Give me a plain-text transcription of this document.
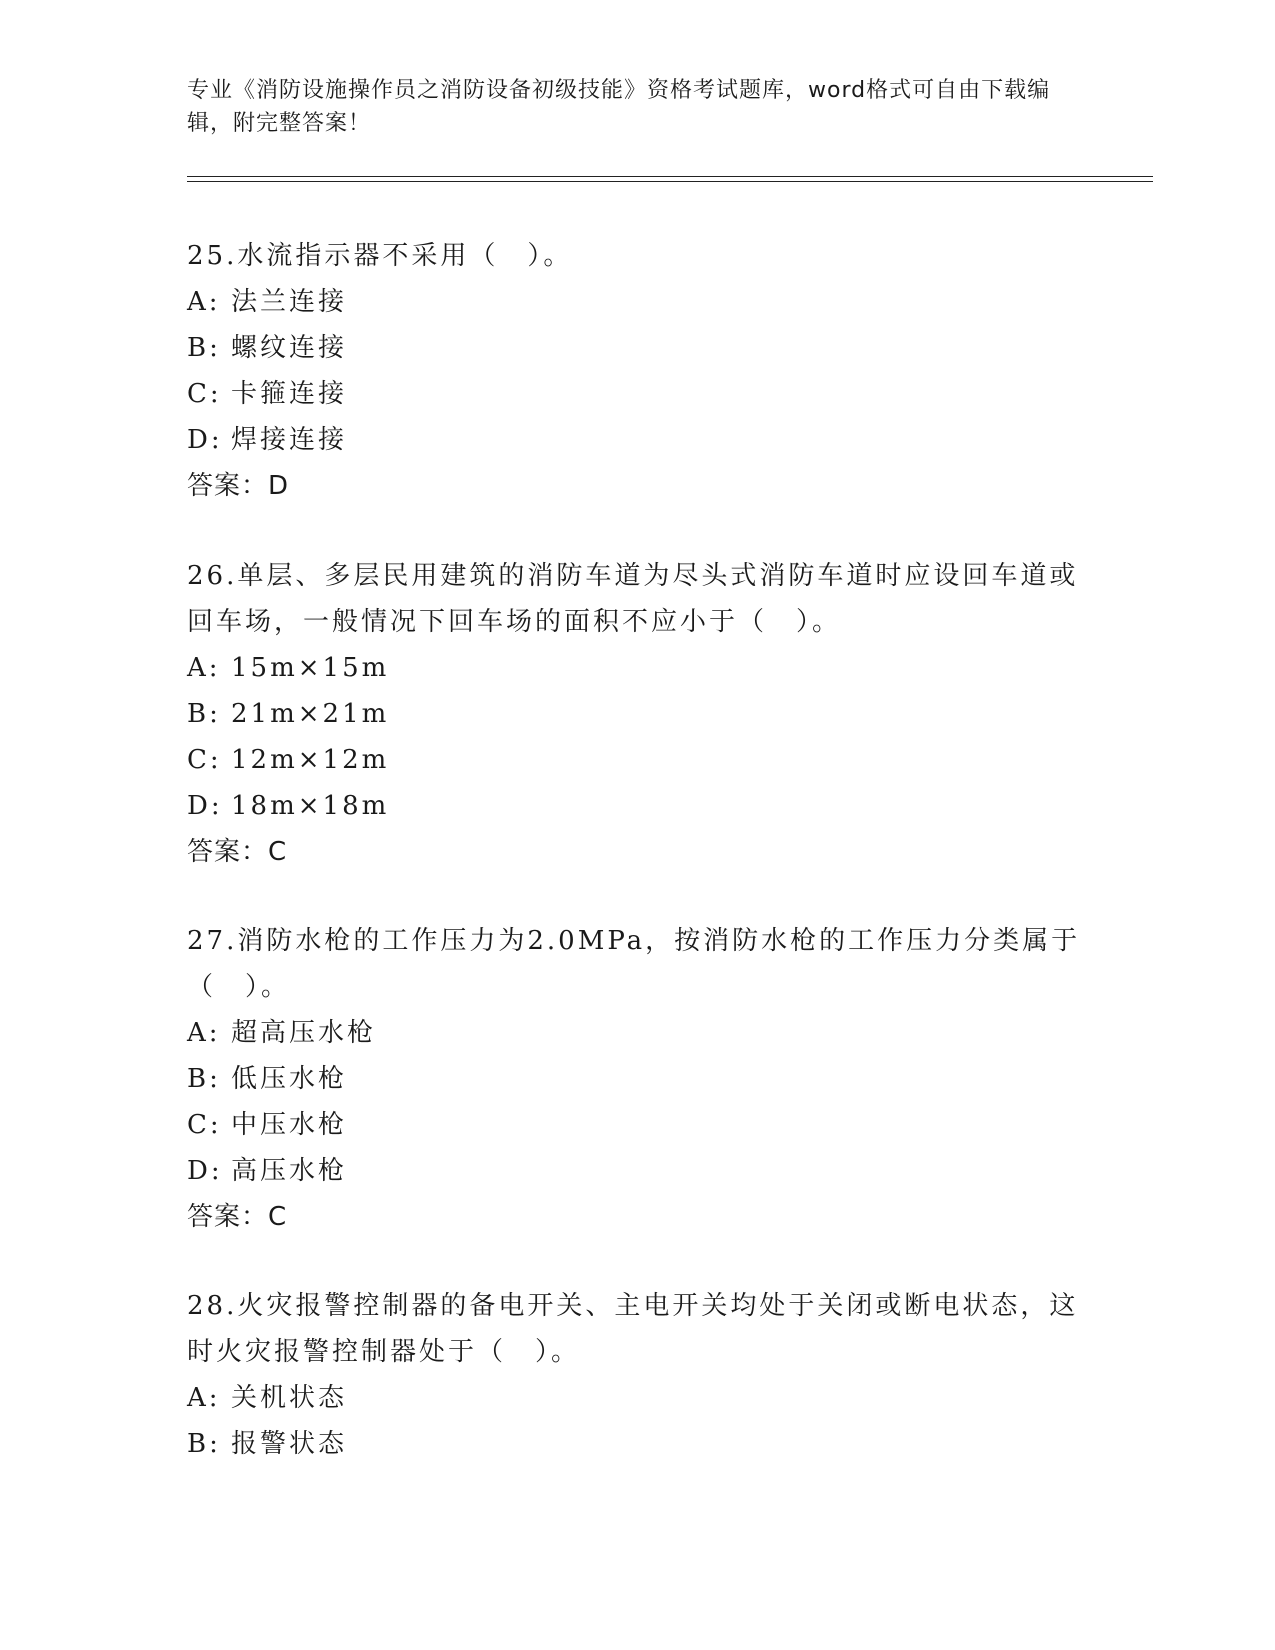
专业《消防设施操作员之消防设备初级技能》资格考试题库，word格式可自由下载编辑，附完整答案！

25.水流指示器不采用（　）。

A: 法兰连接
B: 螺纹连接
C: 卡箍连接
D: 焊接连接
答案：D

26.单层、多层民用建筑的消防车道为尽头式消防车道时应设回车道或回车场，一般情况下回车场的面积不应小于（　）。

A: 15m×15m
B: 21m×21m
C: 12m×12m
D: 18m×18m
答案：C

27.消防水枪的工作压力为2.0MPa，按消防水枪的工作压力分类属于（　）。

A: 超高压水枪
B: 低压水枪
C: 中压水枪
D: 高压水枪
答案：C

28.火灾报警控制器的备电开关、主电开关均处于关闭或断电状态，这时火灾报警控制器处于（　）。

A: 关机状态
B: 报警状态
